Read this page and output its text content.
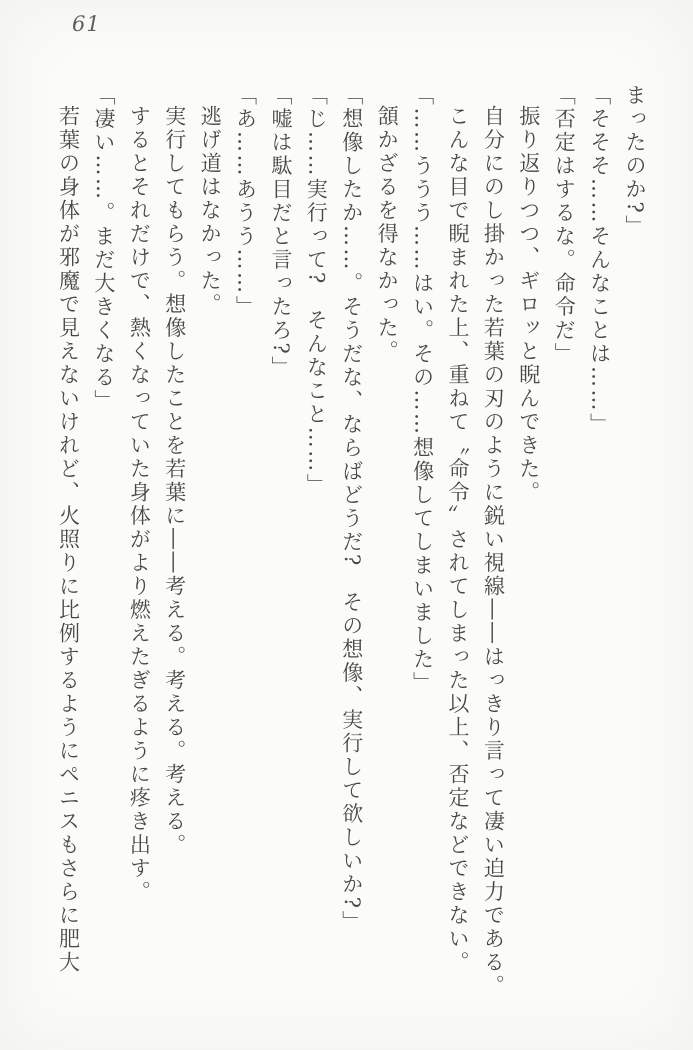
61

まったのか?」

「そそそ……そんなことは……」

「否定はするな。命令だ」

振り返りつつ、ギロッと睨んできた。

自分にのし掛かった若葉の刃のように鋭い視線――はっきり言って凄い迫力である。

こんな目で睨まれた上、重ねて〝命令〟されてしまった以上、否定などできない。

「……ううう……はい。その……想像してしまいました」

頷かざるを得なかった。

「想像したか……。そうだな、ならばどうだ?　その想像、実行して欲しいか?」

「じ……実行って?　そんなこと……」

「嘘は駄目だと言ったろ?」

「あ……あうう……」

逃げ道はなかった。

実行してもらう。想像したことを若葉に――考える。考える。考える。

するとそれだけで、熱くなっていた身体がより燃えたぎるように疼き出す。

「凄い……。まだ大きくなる」

若葉の身体が邪魔で見えないけれど、火照りに比例するようにペニスもさらに肥大
